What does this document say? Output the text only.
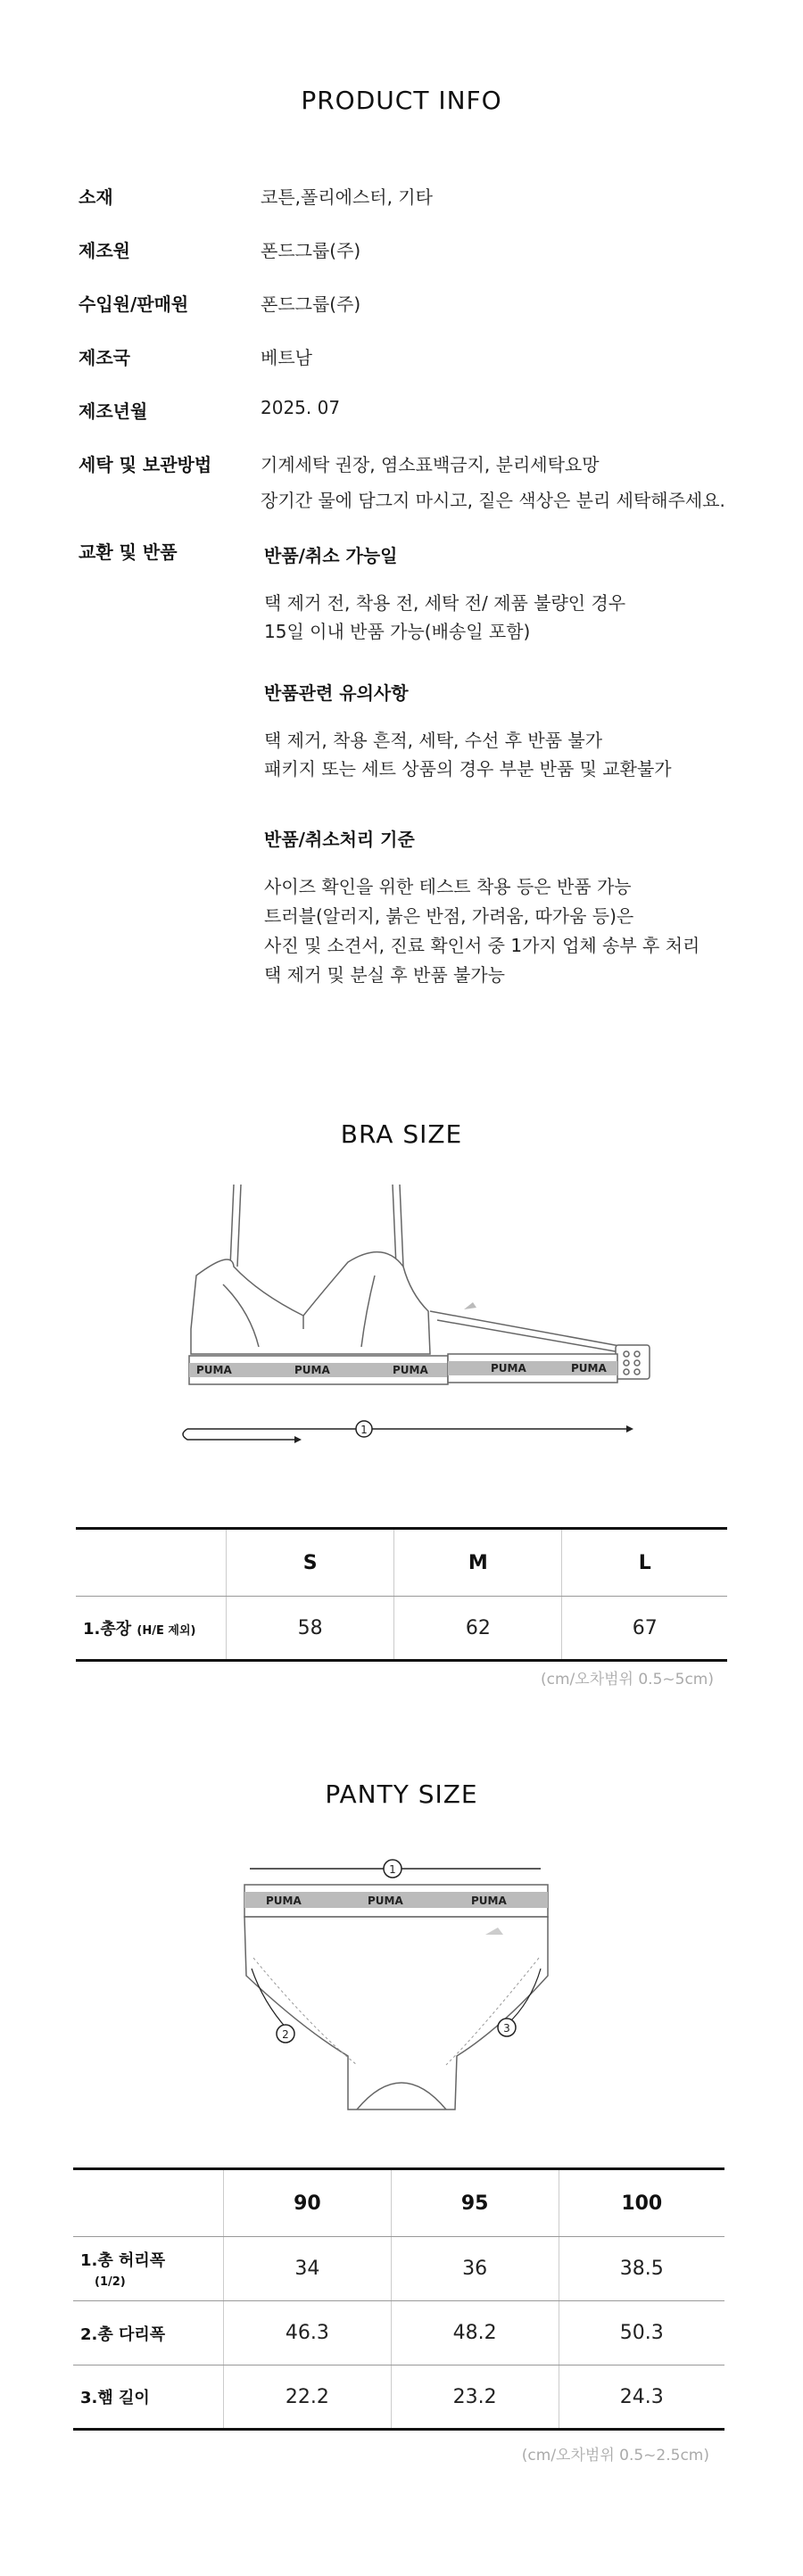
PRODUCT INFO
소재	코튼,폴리에스터, 기타
제조원	폰드그룹(주)
수입원/판매원	폰드그룹(주)
제조국	베트남
제조년월	2025. 07
세탁 및 보관방법	기계세탁 권장, 염소표백금지, 분리세탁요망
장기간 물에 담그지 마시고, 짙은 색상은 분리 세탁해주세요.
교환 및 반품	반품/취소 가능일
택 제거 전, 착용 전, 세탁 전/ 제품 불량인 경우
15일 이내 반품 가능(배송일 포함)
반품관련 유의사항
택 제거, 착용 흔적, 세탁, 수선 후 반품 불가
패키지 또는 세트 상품의 경우 부분 반품 및 교환불가
반품/취소처리 기준
사이즈 확인을 위한 테스트 착용 등은 반품 가능
트러블(알러지, 붉은 반점, 가려움, 따가움 등)은
사진 및 소견서, 진료 확인서 중 1가지 업체 송부 후 처리
택 제거 및 분실 후 반품 불가능
BRA SIZE
PUMA	PUMA	PUMA	PUMA	PUMA
1
	S	M	L
1.총장 (H/E 제외)	58	62	67
(cm/오차범위 0.5~5cm)
PANTY SIZE
1
PUMA	PUMA	PUMA
2	3
	90	95	100
1.총 허리폭
(1/2)	34	36	38.5
2.총 다리폭	46.3	48.2	50.3
3.햄 길이	22.2	23.2	24.3
(cm/오차범위 0.5~2.5cm)
